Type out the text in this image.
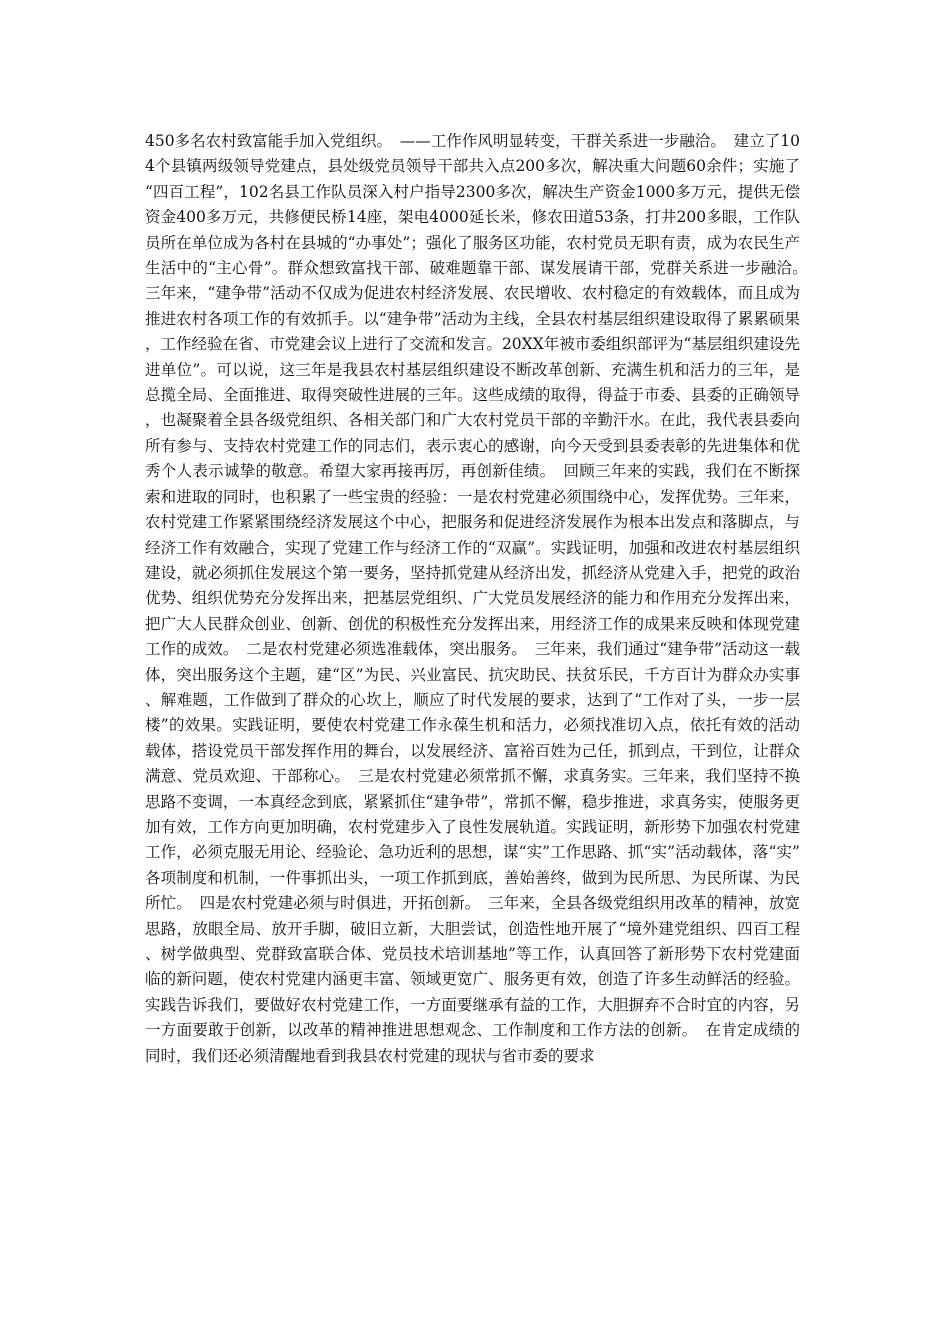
450多名农村致富能手加入党组织。　——工作作风明显转变，干群关系进一步融洽。　建立了104个县镇两级领导党建点，县处级党员领导干部共入点200多次，解决重大问题60余件；实施了“四百工程”，102名县工作队员深入村户指导2300多次，解决生产资金1000多万元，提供无偿资金400多万元，共修便民桥14座，架电4000延长米，修农田道53条，打井200多眼，工作队员所在单位成为各村在县城的“办事处”；强化了服务区功能，农村党员无职有责，成为农民生产生活中的“主心骨”。群众想致富找干部、破难题靠干部、谋发展请干部，党群关系进一步融洽。　三年来，“建争带”活动不仅成为促进农村经济发展、农民增收、农村稳定的有效载体，而且成为推进农村各项工作的有效抓手。以“建争带”活动为主线，全县农村基层组织建设取得了累累硕果，工作经验在省、市党建会议上进行了交流和发言。20XX年被市委组织部评为“基层组织建设先进单位”。可以说，这三年是我县农村基层组织建设不断改革创新、充满生机和活力的三年，是总揽全局、全面推进、取得突破性进展的三年。这些成绩的取得，得益于市委、县委的正确领导，也凝聚着全县各级党组织、各相关部门和广大农村党员干部的辛勤汗水。在此，我代表县委向所有参与、支持农村党建工作的同志们，表示衷心的感谢，向今天受到县委表彰的先进集体和优秀个人表示诚挚的敬意。希望大家再接再厉，再创新佳绩。　回顾三年来的实践，我们在不断探索和进取的同时，也积累了一些宝贵的经验：一是农村党建必须围绕中心，发挥优势。三年来，农村党建工作紧紧围绕经济发展这个中心，把服务和促进经济发展作为根本出发点和落脚点，与经济工作有效融合，实现了党建工作与经济工作的“双赢”。实践证明，加强和改进农村基层组织建设，就必须抓住发展这个第一要务，坚持抓党建从经济出发，抓经济从党建入手，把党的政治优势、组织优势充分发挥出来，把基层党组织、广大党员发展经济的能力和作用充分发挥出来，把广大人民群众创业、创新、创优的积极性充分发挥出来，用经济工作的成果来反映和体现党建工作的成效。　二是农村党建必须选准载体，突出服务。　三年来，我们通过“建争带”活动这一载体，突出服务这个主题，建“区”为民、兴业富民、抗灾助民、扶贫乐民，千方百计为群众办实事、解难题，工作做到了群众的心坎上，顺应了时代发展的要求，达到了“工作对了头，一步一层楼”的效果。实践证明，要使农村党建工作永葆生机和活力，必须找准切入点，依托有效的活动载体，搭设党员干部发挥作用的舞台，以发展经济、富裕百姓为己任，抓到点，干到位，让群众满意、党员欢迎、干部称心。　三是农村党建必须常抓不懈，求真务实。三年来，我们坚持不换思路不变调，一本真经念到底，紧紧抓住“建争带”，常抓不懈，稳步推进，求真务实，使服务更加有效，工作方向更加明确，农村党建步入了良性发展轨道。实践证明，新形势下加强农村党建工作，必须克服无用论、经验论、急功近利的思想，谋“实”工作思路、抓“实”活动载体，落“实”各项制度和机制，一件事抓出头，一项工作抓到底，善始善终，做到为民所思、为民所谋、为民所忙。　四是农村党建必须与时俱进，开拓创新。　三年来，全县各级党组织用改革的精神，放宽思路，放眼全局、放开手脚，破旧立新，大胆尝试，创造性地开展了“境外建党组织、四百工程、树学做典型、党群致富联合体、党员技术培训基地”等工作，认真回答了新形势下农村党建面临的新问题，使农村党建内涵更丰富、领域更宽广、服务更有效，创造了许多生动鲜活的经验。实践告诉我们，要做好农村党建工作，一方面要继承有益的工作，大胆摒弃不合时宜的内容，另一方面要敢于创新，以改革的精神推进思想观念、工作制度和工作方法的创新。　在肯定成绩的同时，我们还必须清醒地看到我县农村党建的现状与省市委的要求
